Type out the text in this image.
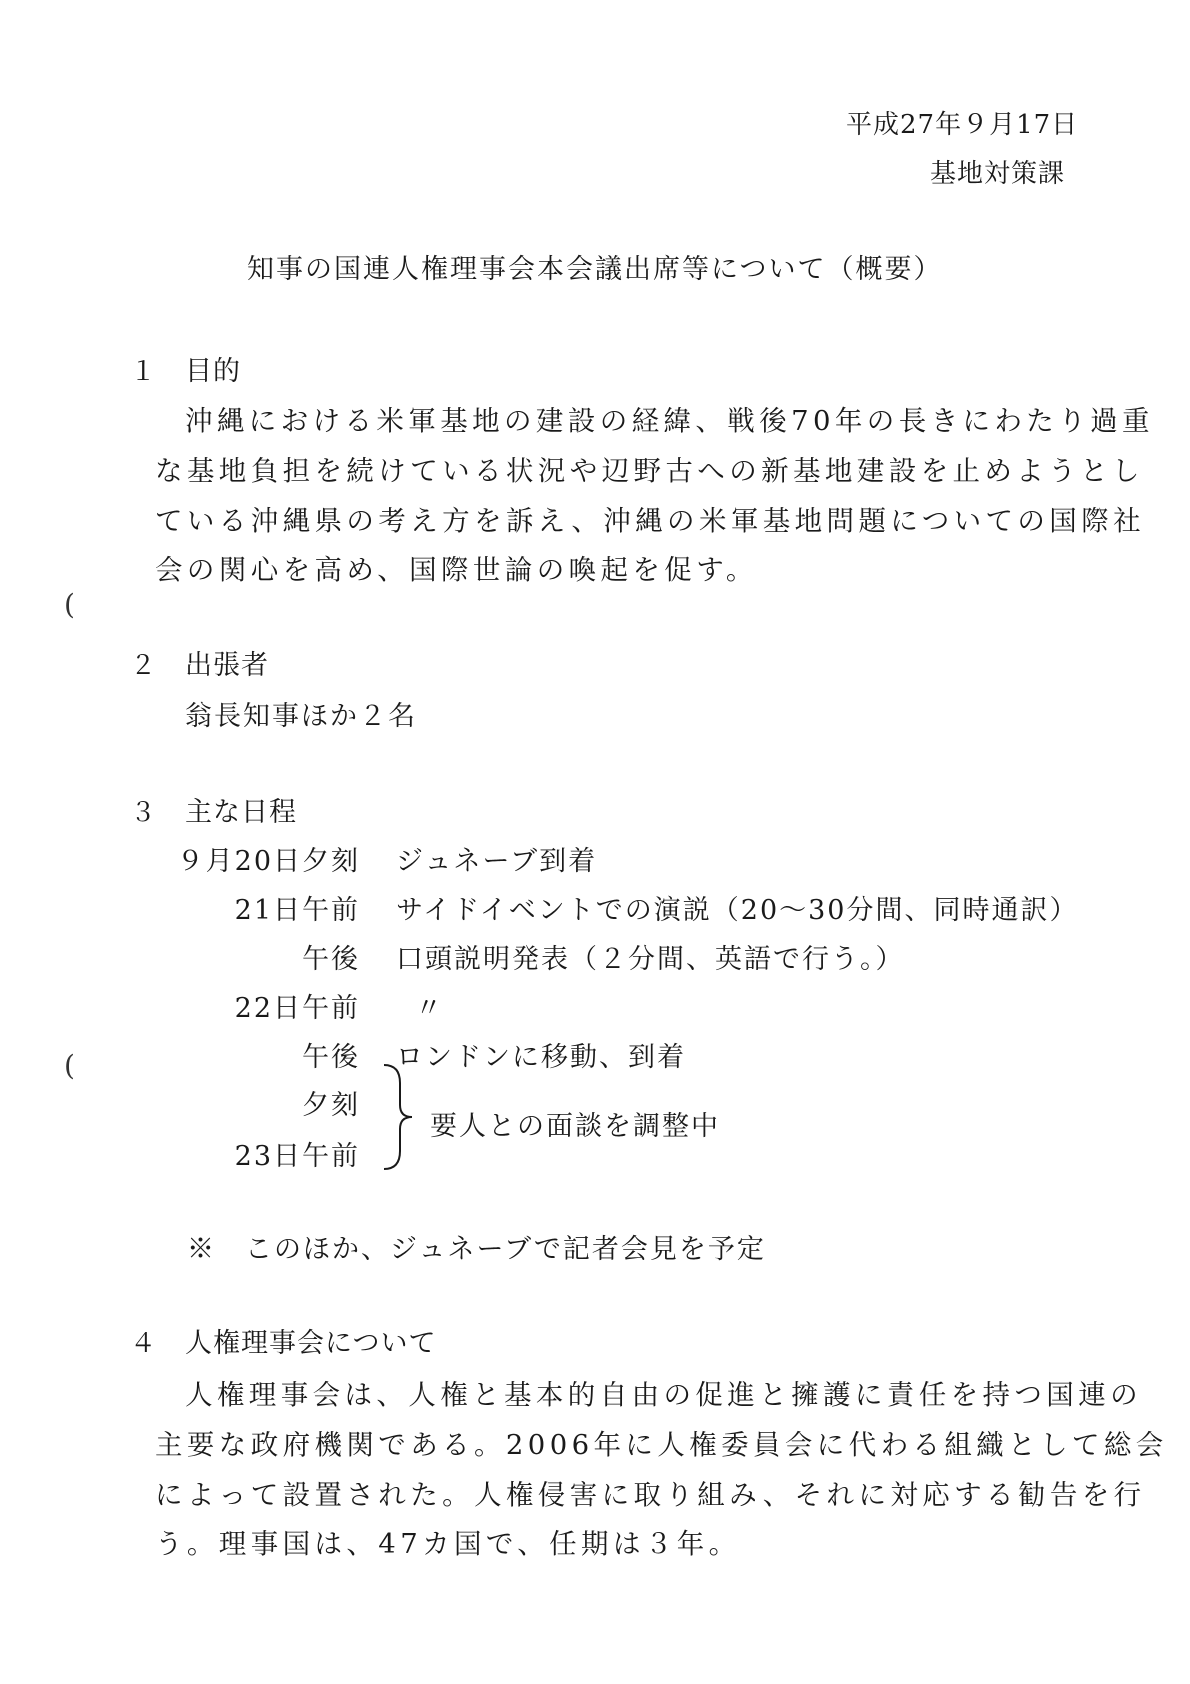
平成27年９月17日
基地対策課
知事の国連人権理事会本会議出席等について（概要）
(
(
１ 目的
沖縄における米軍基地の建設の経緯、戦後70年の長きにわたり過重
な基地負担を続けている状況や辺野古への新基地建設を止めようとし
ている沖縄県の考え方を訴え、沖縄の米軍基地問題についての国際社
会の関心を高め、国際世論の喚起を促す。
２ 出張者
翁長知事ほか２名
３ 主な日程
９月20日夕刻 ジュネーブ到着
21日午前 サイドイベントでの演説（20～30分間、同時通訳）
午後 口頭説明発表（２分間、英語で行う。）
22日午前 〃
午後 ロンドンに移動、到着
夕刻
23日午前
要人との面談を調整中
※　このほか、ジュネーブで記者会見を予定
４ 人権理事会について
人権理事会は、人権と基本的自由の促進と擁護に責任を持つ国連の
主要な政府機関である。2006年に人権委員会に代わる組織として総会
によって設置された。人権侵害に取り組み、それに対応する勧告を行
う。理事国は、47カ国で、任期は３年。
